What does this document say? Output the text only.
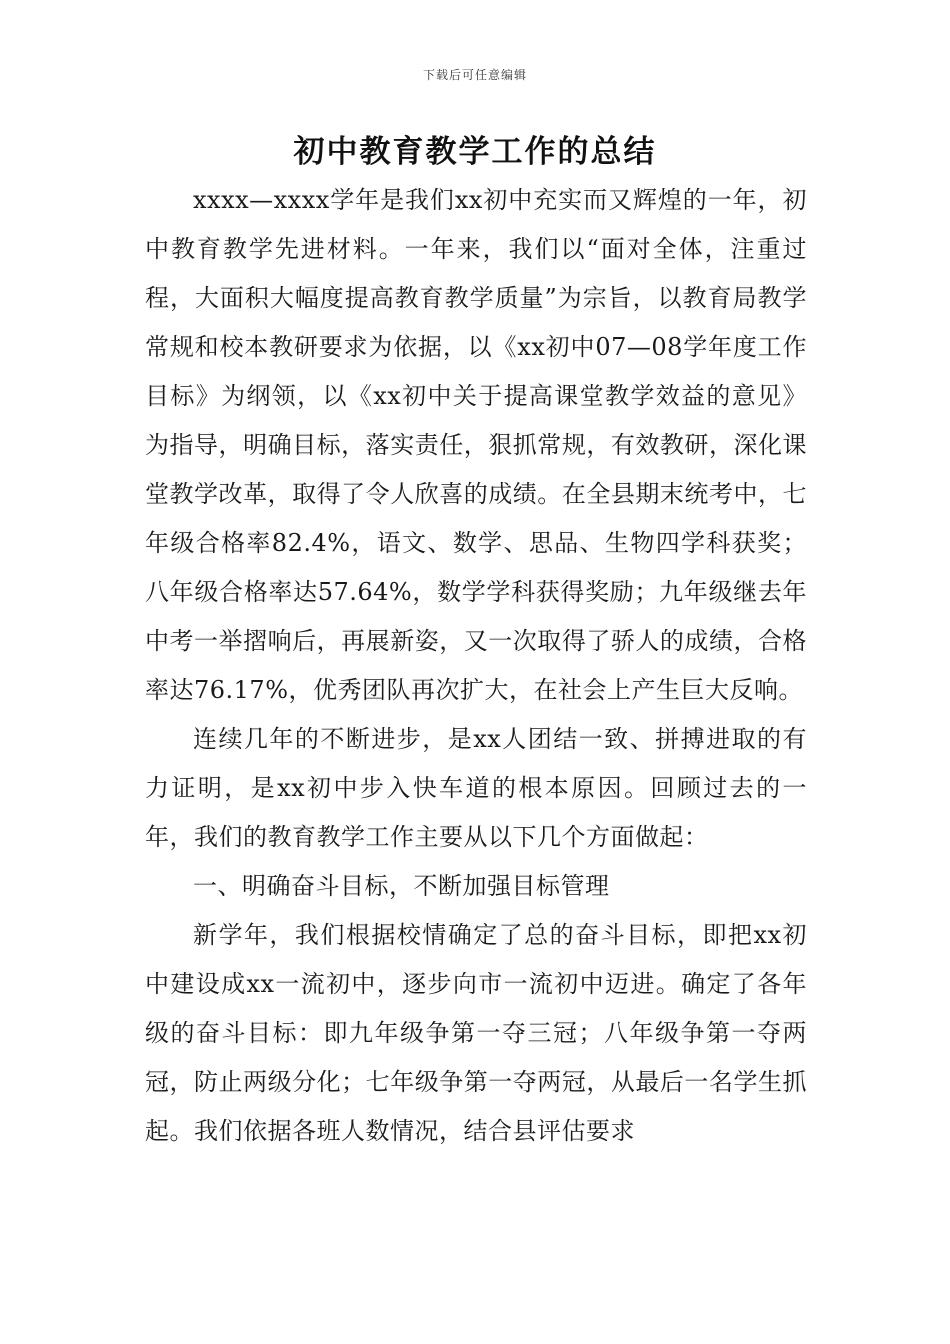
下载后可任意编辑
初中教育教学工作的总结

xxxx—xxxx学年是我们xx初中充实而又辉煌的一年，初中教育教学先进材料。一年来，我们以“面对全体，注重过程，大面积大幅度提高教育教学质量”为宗旨，以教育局教学常规和校本教研要求为依据，以《xx初中07—08学年度工作目标》为纲领，以《xx初中关于提高课堂教学效益的意见》为指导，明确目标，落实责任，狠抓常规，有效教研，深化课堂教学改革，取得了令人欣喜的成绩。在全县期末统考中，七年级合格率82.4%，语文、数学、思品、生物四学科获奖；八年级合格率达57.64%，数学学科获得奖励；九年级继去年中考一举摺响后，再展新姿，又一次取得了骄人的成绩，合格率达76.17%，优秀团队再次扩大，在社会上产生巨大反响。

连续几年的不断进步，是xx人团结一致、拼搏进取的有力证明，是xx初中步入快车道的根本原因。回顾过去的一年，我们的教育教学工作主要从以下几个方面做起：

一、明确奋斗目标，不断加强目标管理

新学年，我们根据校情确定了总的奋斗目标，即把xx初中建设成xx一流初中，逐步向市一流初中迈进。确定了各年级的奋斗目标：即九年级争第一夺三冠；八年级争第一夺两冠，防止两级分化；七年级争第一夺两冠，从最后一名学生抓起。我们依据各班人数情况，结合县评估要求
